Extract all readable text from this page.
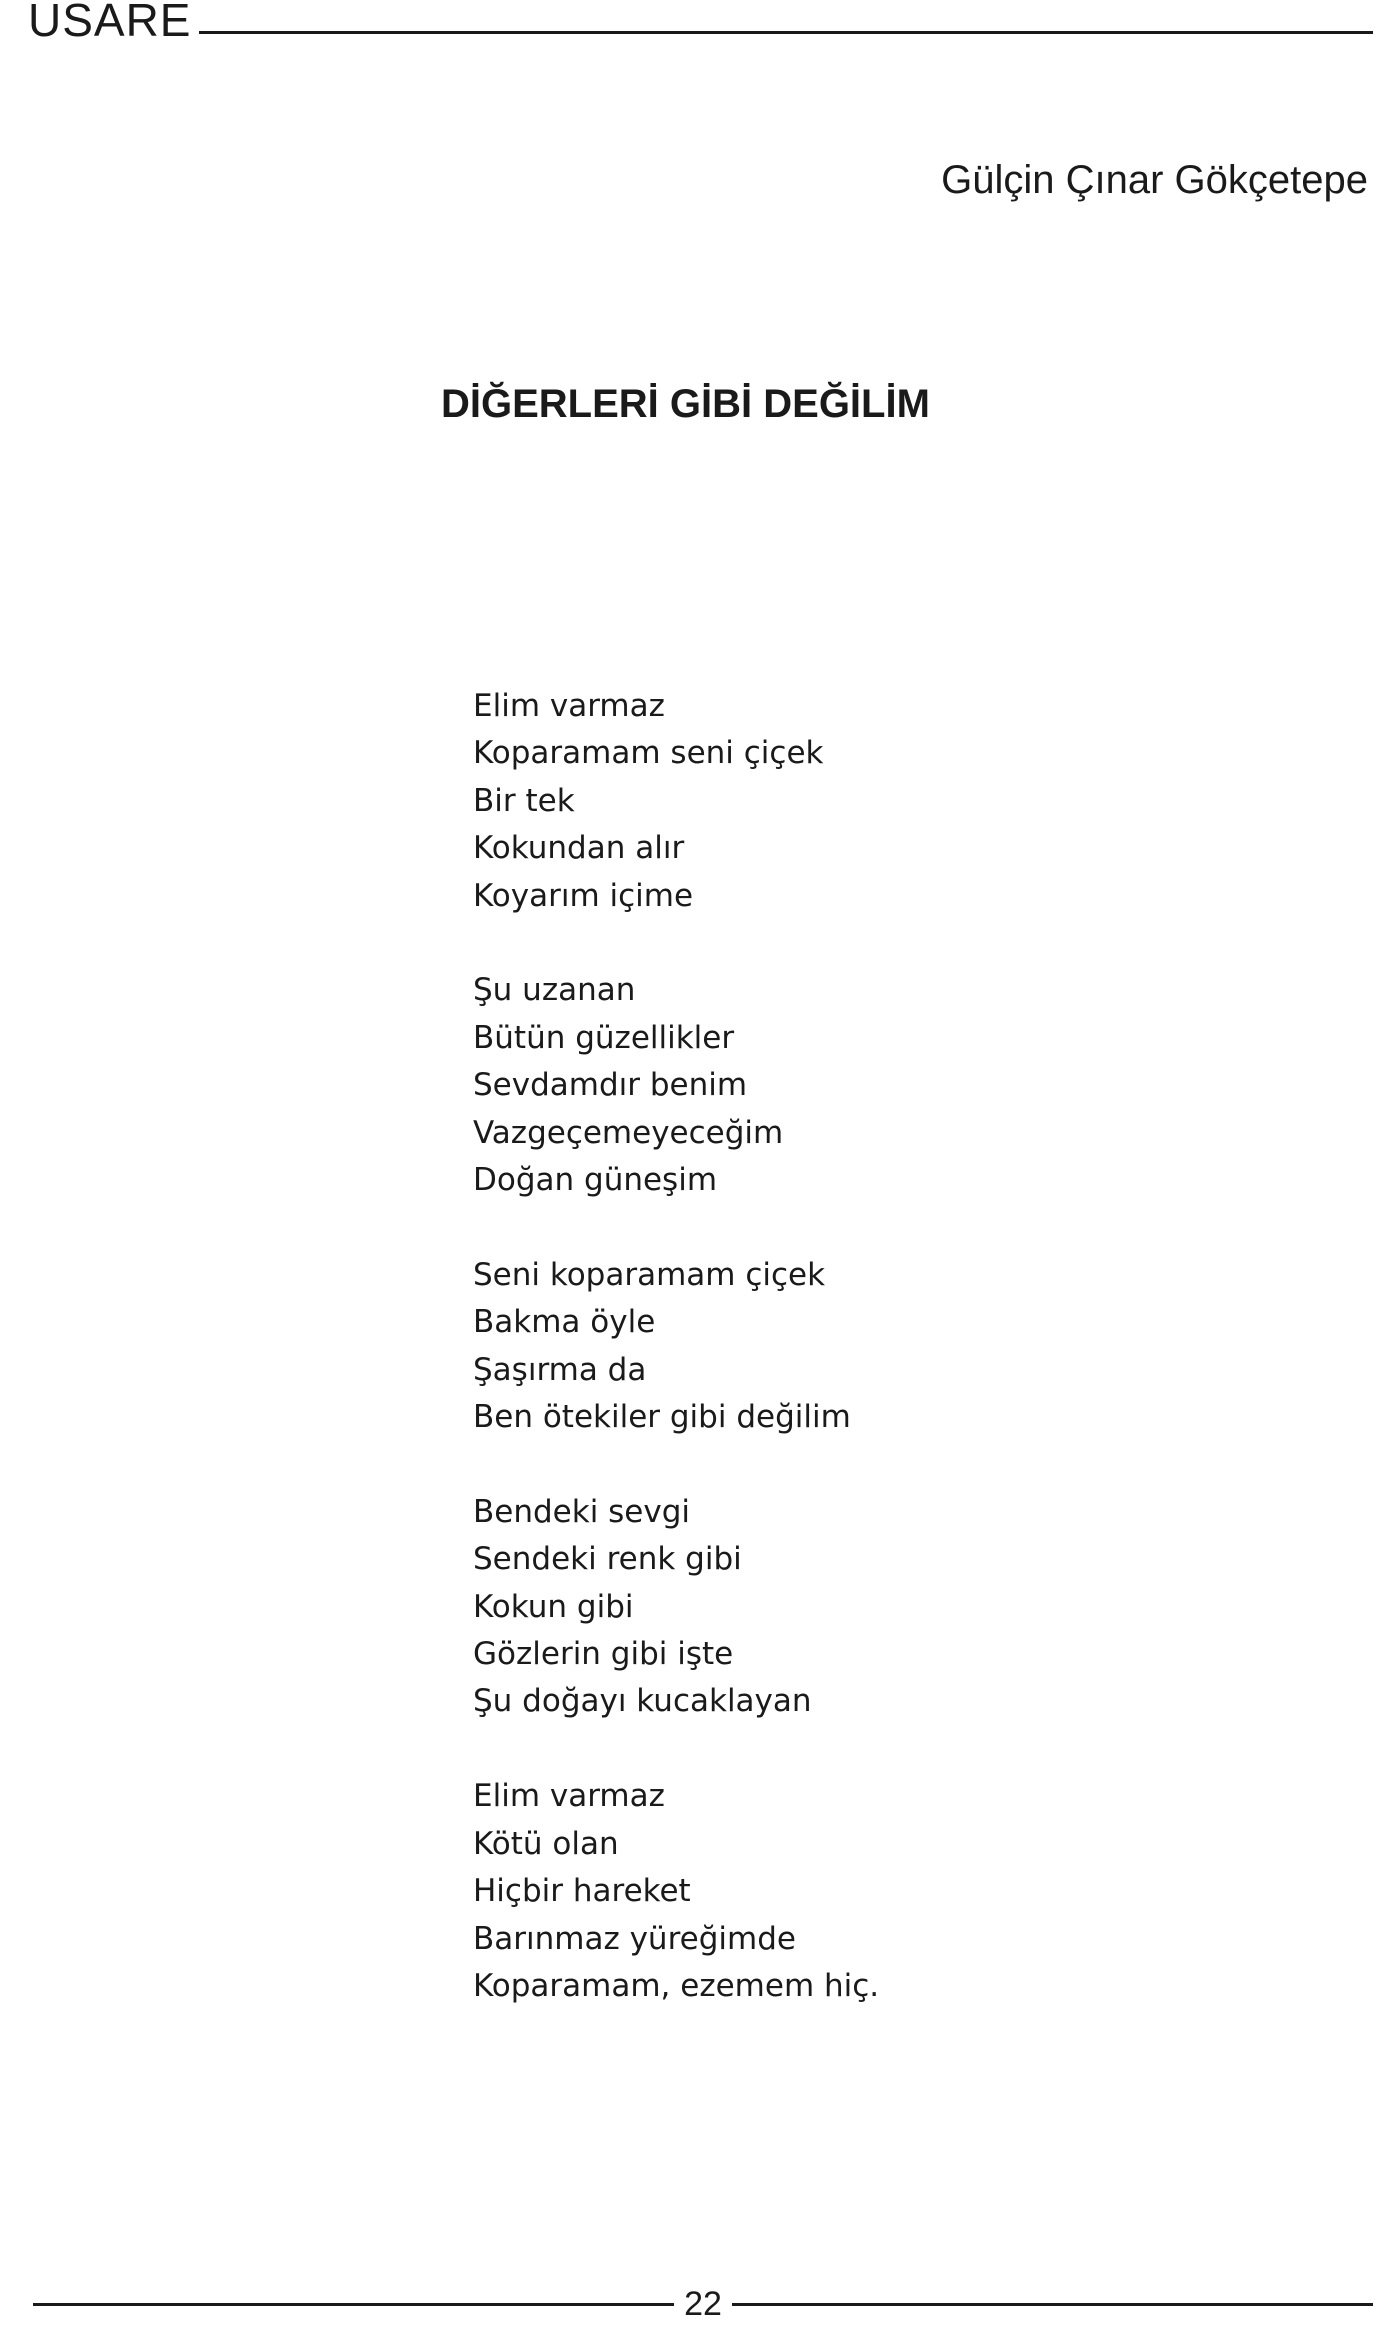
USARE
Gülçin Çınar Gökçetepe
DİĞERLERİ GİBİ DEĞİLİM
Elim varmaz
Koparamam seni çiçek
Bir tek
Kokundan alır
Koyarım içime
Şu uzanan
Bütün güzellikler
Sevdamdır benim
Vazgeçemeyeceğim
Doğan güneşim
Seni koparamam çiçek
Bakma öyle
Şaşırma da
Ben ötekiler gibi değilim
Bendeki sevgi
Sendeki renk gibi
Kokun gibi
Gözlerin gibi işte
Şu doğayı kucaklayan
Elim varmaz
Kötü olan
Hiçbir hareket
Barınmaz yüreğimde
Koparamam, ezemem hiç.
22
